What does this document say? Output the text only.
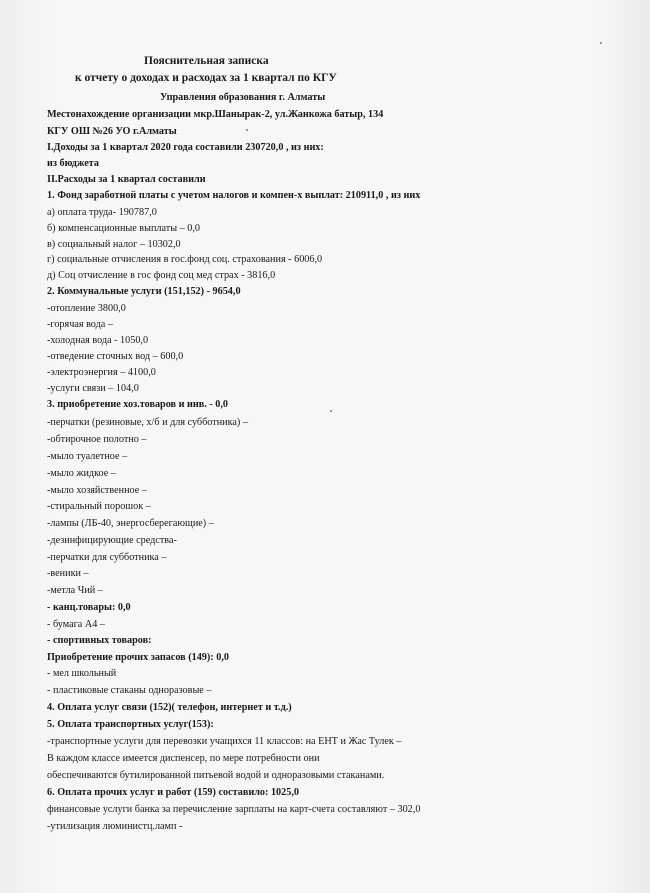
Пояснительная записка
к отчету о доходах и расходах за 1 квартал по КГУ
Управления образования г. Алматы
Местонахождение организации мкр.Шанырак-2, ул.Жанкожа батыр, 134
КГУ ОШ №26 УО г.Алматы
I.Доходы за 1 квартал 2020 года составили 230720,0 , из них:
из бюджета
II.Расходы за 1 квартал составили
1. Фонд заработной платы с учетом налогов и компен-х выплат: 210911,0 , из них
а) оплата труда- 190787,0
б) компенсационные выплаты – 0,0
в) социальный налог – 10302,0
г) социальные отчисления в гос.фонд соц. страхования - 6006,0
д) Соц отчисление в гос фонд соц мед страх - 3816,0
2. Коммунальные услуги (151,152) - 9654,0
-отопление 3800,0
-горячая вода –
-холодная вода - 1050,0
-отведение сточных вод – 600,0
-электроэнергия – 4100,0
-услуги связи – 104,0
3. приобретение хоз.товаров и инв. - 0,0
-перчатки (резиновые, х/б и для субботника) –
-обтирочное полотно –
-мыло туалетное –
-мыло жидкое –
-мыло хозяйственное –
-стиральный порошок –
-лампы (ЛБ-40, энергосберегающие) –
-дезинфицирующие средства-
-перчатки для субботника –
-веники –
-метла Чий –
- канц.товары: 0,0
- бумага А4 –
- спортивных товаров:
Приобретение прочих запасов (149): 0,0
- мел школьный
- пластиковые стаканы одноразовые –
4. Оплата услуг связи (152)( телефон, интернет и т.д.)
5. Оплата транспортных услуг(153):
-транспортные услуги для перевозки учащихся 11 классов: на ЕНТ и Жас Тулек –
В каждом классе имеется диспенсер, по мере потребности они
обеспечиваются бутилированной питьевой водой и одноразовыми стаканами.
6. Оплата прочих услуг и работ (159) составило: 1025,0
финансовые услуги банка за перечисление зарплаты на карт-счета составляют – 302,0
-утилизация люминистц.ламп -
